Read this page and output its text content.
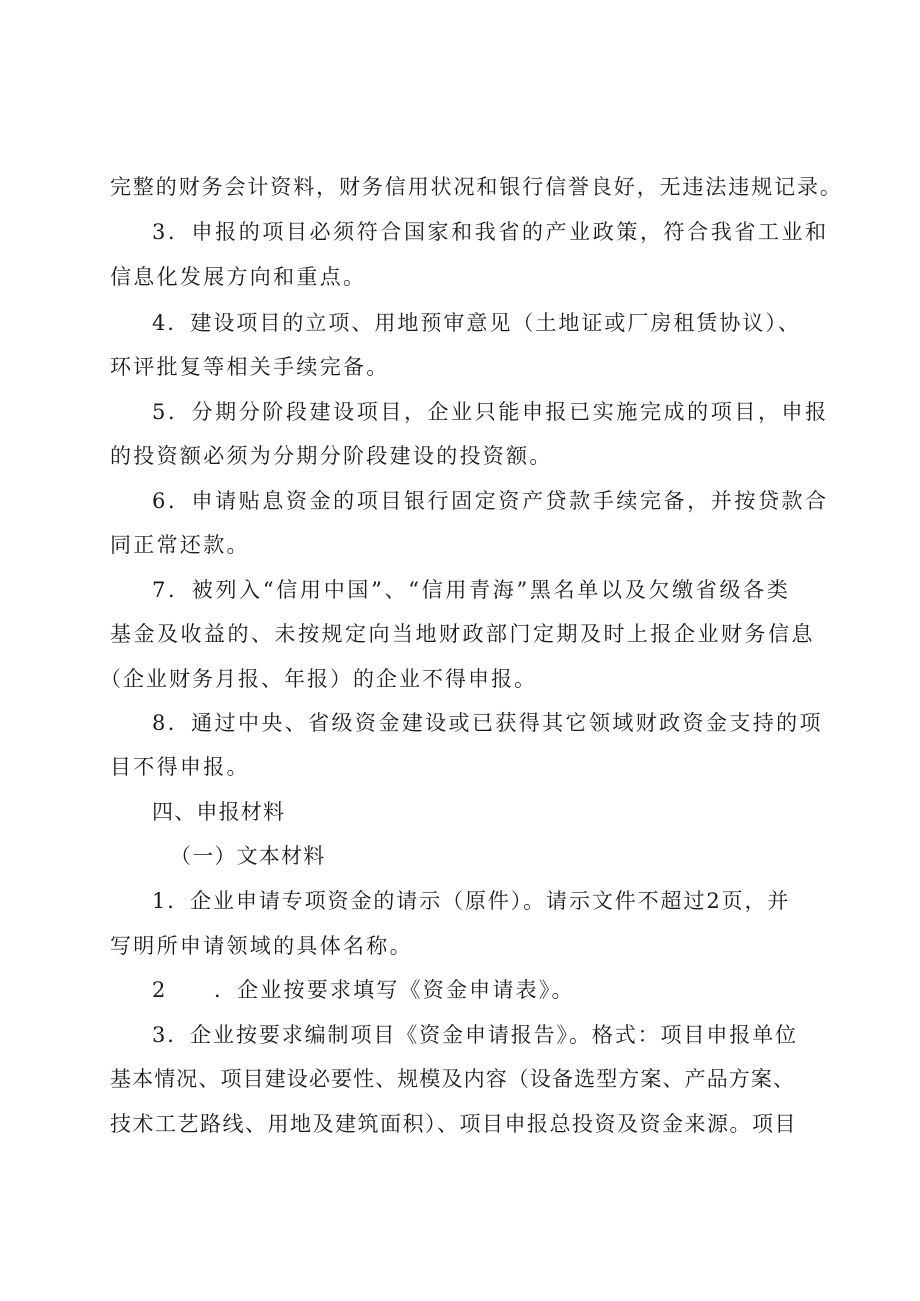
完整的财务会计资料，财务信用状况和银行信誉良好，无违法违规记录。
3．申报的项目必须符合国家和我省的产业政策，符合我省工业和
信息化发展方向和重点。
4．建设项目的立项、用地预审意见（土地证或厂房租赁协议）、
环评批复等相关手续完备。
5．分期分阶段建设项目，企业只能申报已实施完成的项目，申报
的投资额必须为分期分阶段建设的投资额。
6．申请贴息资金的项目银行固定资产贷款手续完备，并按贷款合
同正常还款。
7．被列入“信用中国”、“信用青海”黑名单以及欠缴省级各类
基金及收益的、未按规定向当地财政部门定期及时上报企业财务信息
（企业财务月报、年报）的企业不得申报。
8．通过中央、省级资金建设或已获得其它领域财政资金支持的项
目不得申报。
四、申报材料
（一）文本材料
1．企业申请专项资金的请示（原件）。请示文件不超过2页，并
写明所申请领域的具体名称。
2　　．企业按要求填写《资金申请表》。
3．企业按要求编制项目《资金申请报告》。格式：项目申报单位
基本情况、项目建设必要性、规模及内容（设备选型方案、产品方案、
技术工艺路线、用地及建筑面积）、项目申报总投资及资金来源。项目
